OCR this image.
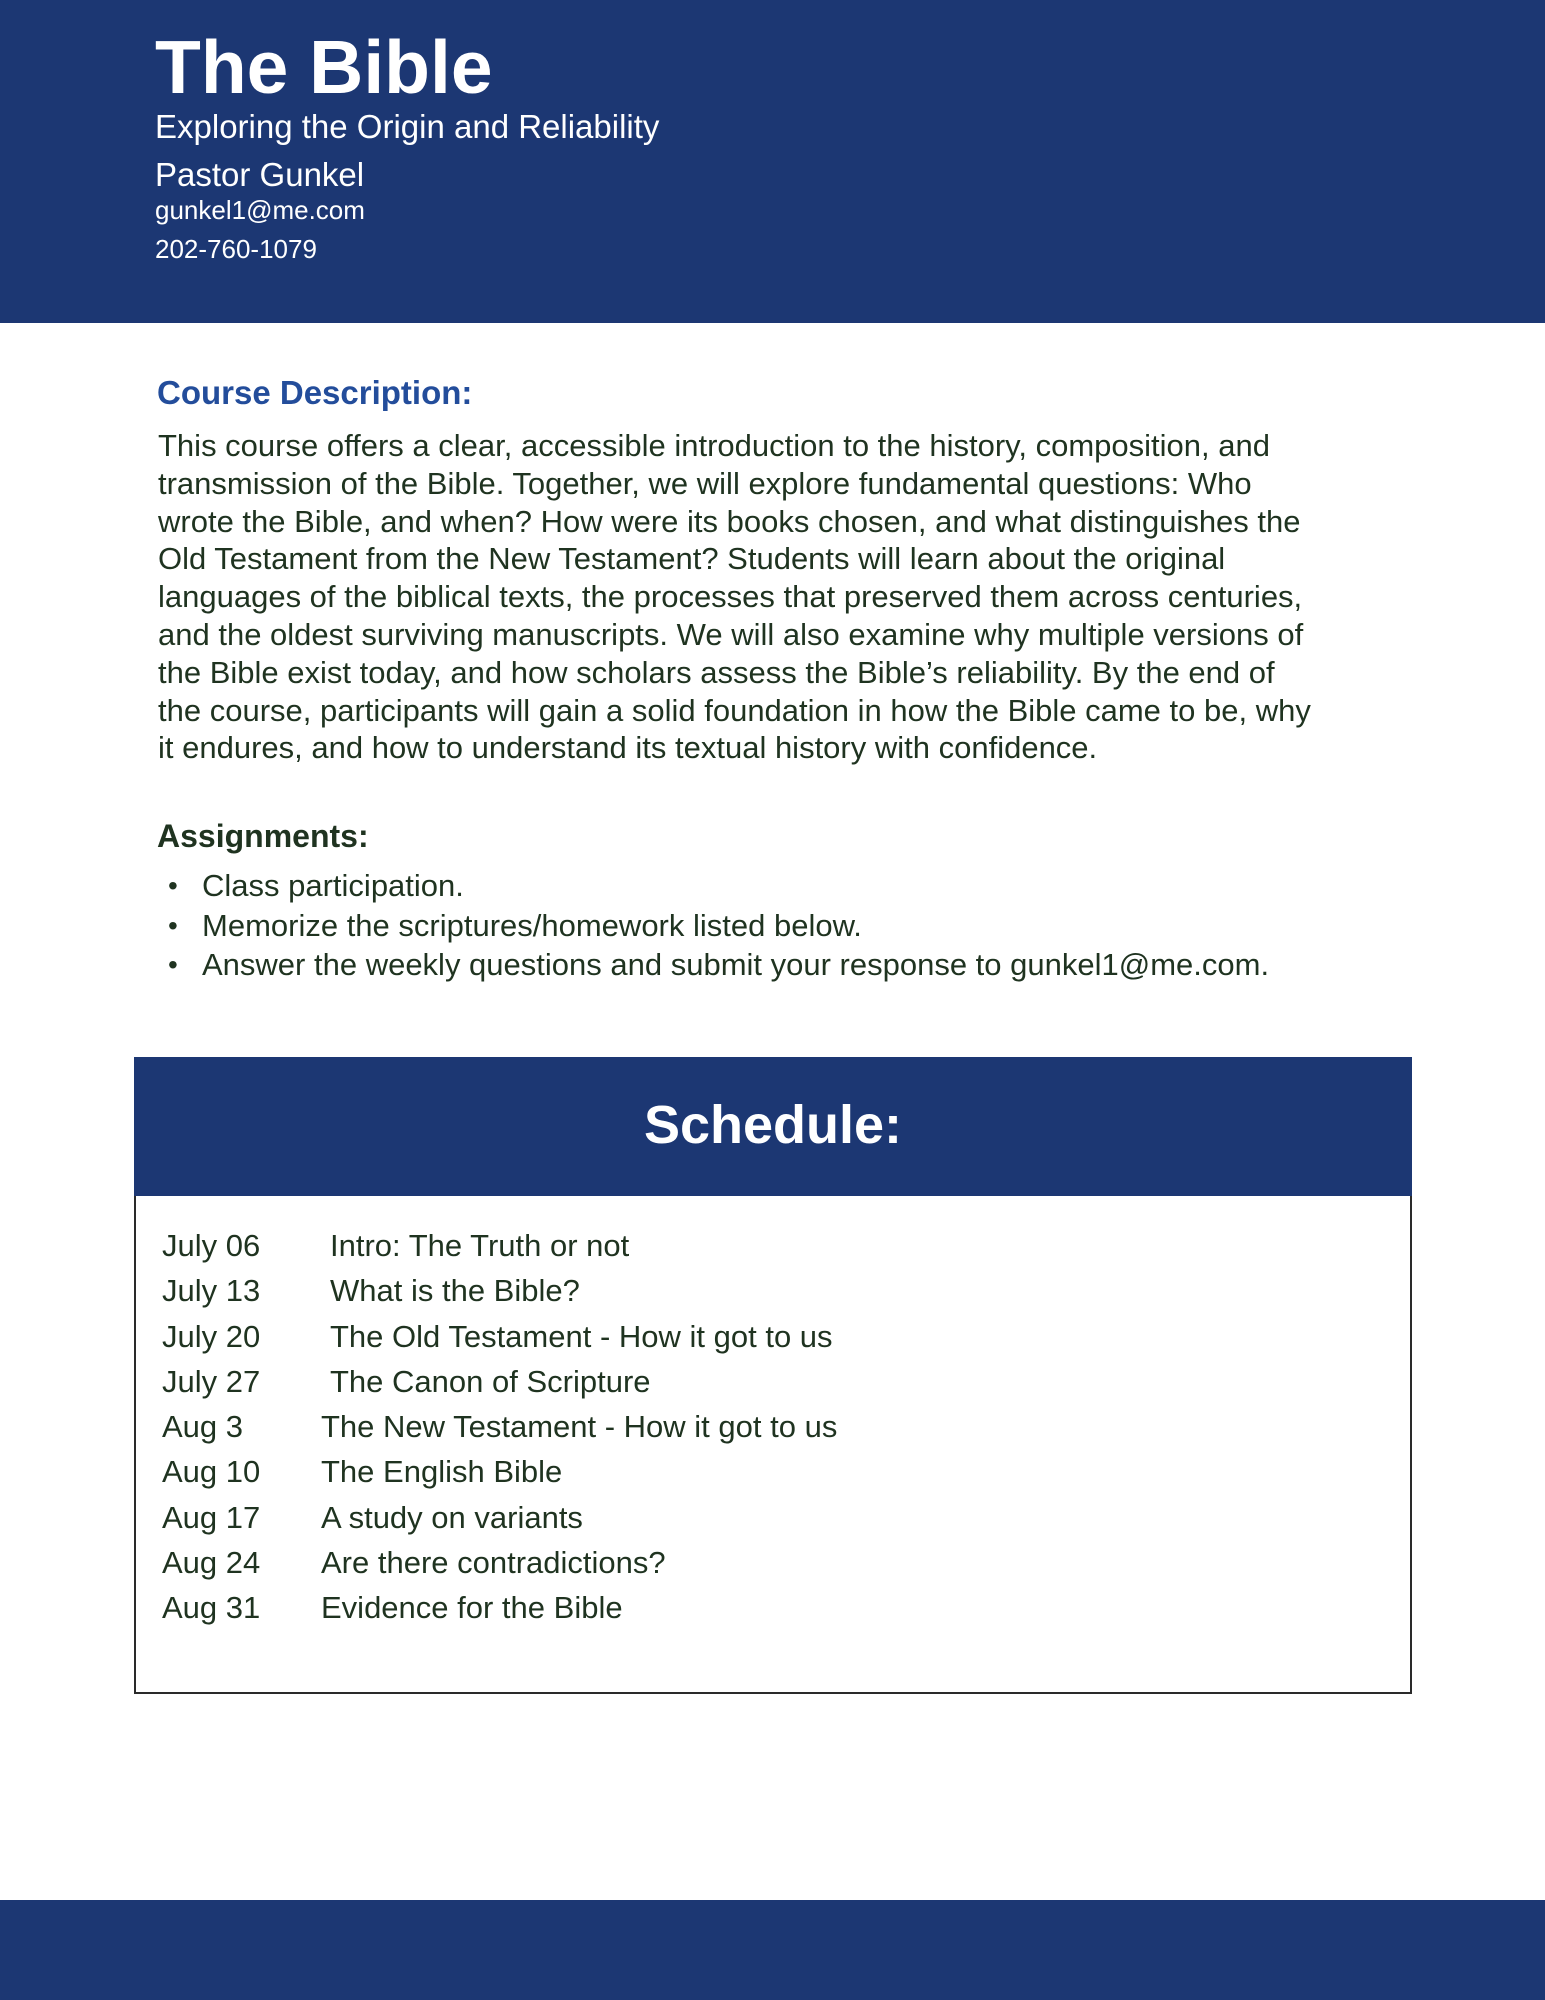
The Bible
Exploring the Origin and Reliability
Pastor Gunkel
gunkel1@me.com
202-760-1079
Course Description:
This course offers a clear, accessible introduction to the history, composition, and
transmission of the Bible. Together, we will explore fundamental questions: Who
wrote the Bible, and when? How were its books chosen, and what distinguishes the
Old Testament from the New Testament? Students will learn about the original
languages of the biblical texts, the processes that preserved them across centuries,
and the oldest surviving manuscripts. We will also examine why multiple versions of
the Bible exist today, and how scholars assess the Bible’s reliability. By the end of
the course, participants will gain a solid foundation in how the Bible came to be, why
it endures, and how to understand its textual history with confidence.
Assignments:
• Class participation.
• Memorize the scriptures/homework listed below.
• Answer the weekly questions and submit your response to gunkel1@me.com.
Schedule:
July 06 Intro: The Truth or not
July 13 What is the Bible?
July 20 The Old Testament - How it got to us
July 27 The Canon of Scripture
Aug 3	The New Testament - How it got to us
Aug 10 The English Bible
Aug 17 A study on variants
Aug 24 Are there contradictions?
Aug 31 Evidence for the Bible
